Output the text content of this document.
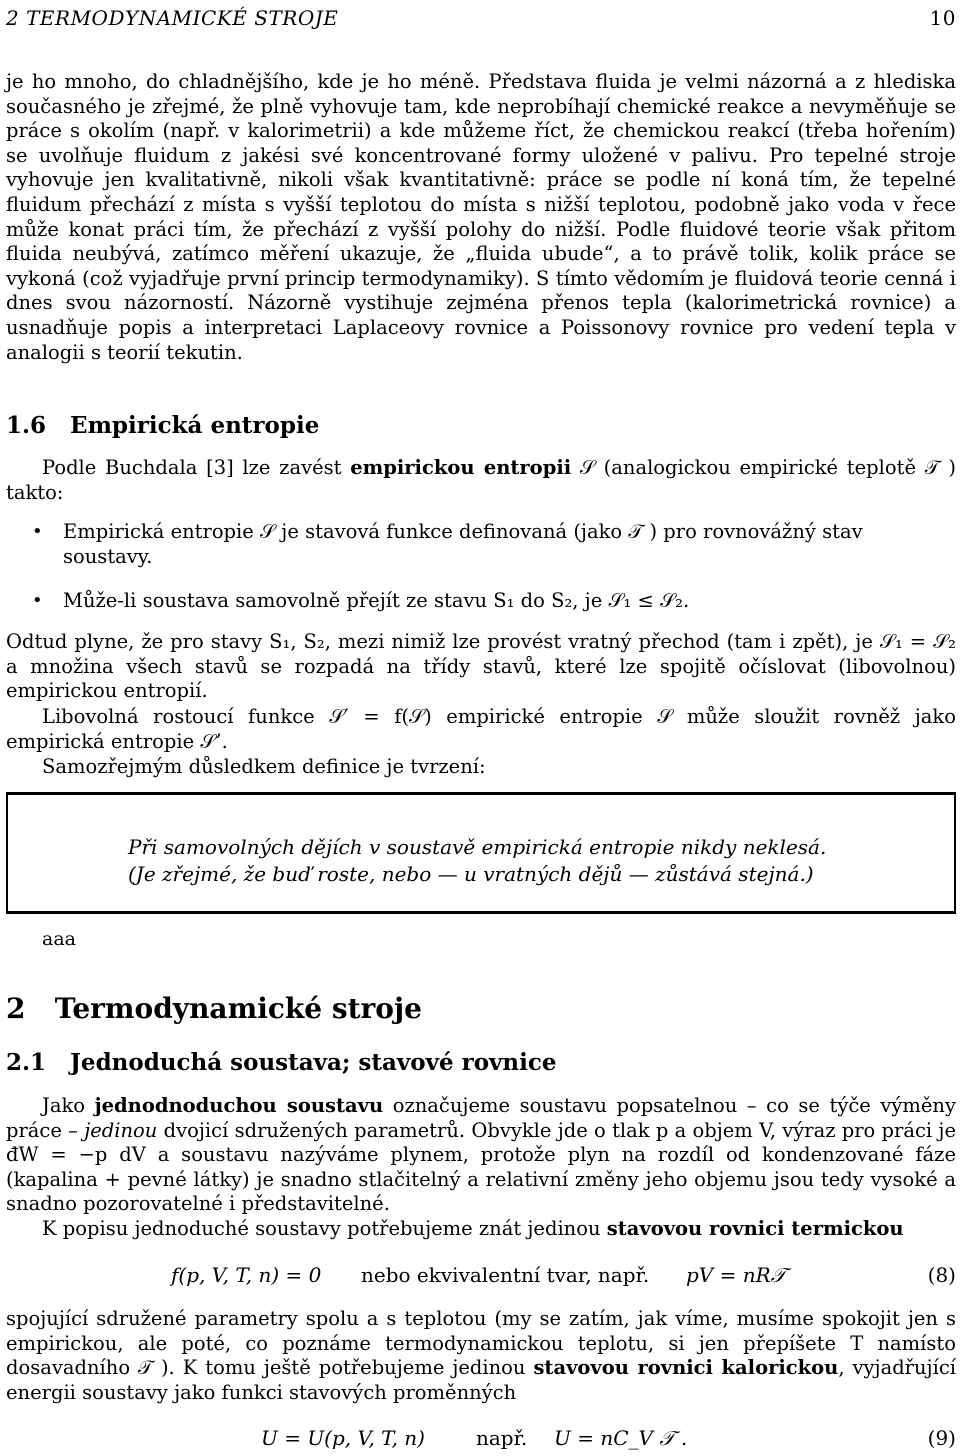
2 TERMODYNAMICKÉ STROJE	10

je ho mnoho, do chladnějšího, kde je ho méně. Představa fluida je velmi názorná a z hlediska současného je zřejmé, že plně vyhovuje tam, kde neprobíhají chemické reakce a nevyměňuje se práce s okolím (např. v kalorimetrii) a kde můžeme říct, že chemickou reakcí (třeba hořením) se uvolňuje fluidum z jakési své koncentrované formy uložené v palivu. Pro tepelné stroje vyhovuje jen kvalitativně, nikoli však kvantitativně: práce se podle ní koná tím, že tepelné fluidum přechází z místa s vyšší teplotou do místa s nižší teplotou, podobně jako voda v řece může konat práci tím, že přechází z vyšší polohy do nižší. Podle fluidové teorie však přitom fluida neubývá, zatímco měření ukazuje, že „fluida ubude“, a to právě tolik, kolik práce se vykoná (což vyjadřuje první princip termodynamiky). S tímto vědomím je fluidová teorie cenná i dnes svou názorností. Názorně vystihuje zejména přenos tepla (kalorimetrická rovnice) a usnadňuje popis a interpretaci Laplaceovy rovnice a Poissonovy rovnice pro vedení tepla v analogii s teorií tekutin.

1.6 Empirická entropie

Podle Buchdala [3] lze zavést empirickou entropii 𝒮 (analogickou empirické teplotě 𝒯 ) takto:

• Empirická entropie 𝒮 je stavová funkce definovaná (jako 𝒯 ) pro rovnovážný stav soustavy.
• Může-li soustava samovolně přejít ze stavu S₁ do S₂, je 𝒮₁ ≤ 𝒮₂.

Odtud plyne, že pro stavy S₁, S₂, mezi nimiž lze provést vratný přechod (tam i zpět), je 𝒮₁ = 𝒮₂ a množina všech stavů se rozpadá na třídy stavů, které lze spojitě očíslovat (libovolnou) empirickou entropií.

Libovolná rostoucí funkce 𝒮′ = f(𝒮) empirické entropie 𝒮 může sloužit rovněž jako empirická entropie 𝒮’.

Samozřejmým důsledkem definice je tvrzení:

Při samovolných dějích v soustavě empirická entropie nikdy neklesá.
(Je zřejmé, že buď roste, nebo — u vratných dějů — zůstává stejná.)
aaa
2 Termodynamické stroje
2.1 Jednoduchá soustava; stavové rovnice

Jako jednodnoduchou soustavu označujeme soustavu popsatelnou – co se týče výměny práce – jedinou dvojicí sdružených parametrů. Obvykle jde o tlak p a objem V, výraz pro práci je đW = −p dV a soustavu nazýváme plynem, protože plyn na rozdíl od kondenzované fáze (kapalina + pevné látky) je snadno stlačitelný a relativní změny jeho objemu jsou tedy vysoké a snadno pozorovatelné i představitelné.

K popisu jednoduché soustavy potřebujeme znát jedinou stavovou rovnici termickou

f(p, V, T, n) = 0 nebo ekvivalentní tvar, např. pV = nR𝒯	(8)

spojující sdružené parametry spolu a s teplotou (my se zatím, jak víme, musíme spokojit jen s empirickou, ale poté, co poznáme termodynamickou teplotu, si jen přepíšete T namísto dosavadního 𝒯 ). K tomu ještě potřebujeme jedinou stavovou rovnici kalorickou, vyjadřující energii soustavy jako funkci stavových proměnných

U = U(p, V, T, n)	např. U = nC_V 𝒯 .	(9)
